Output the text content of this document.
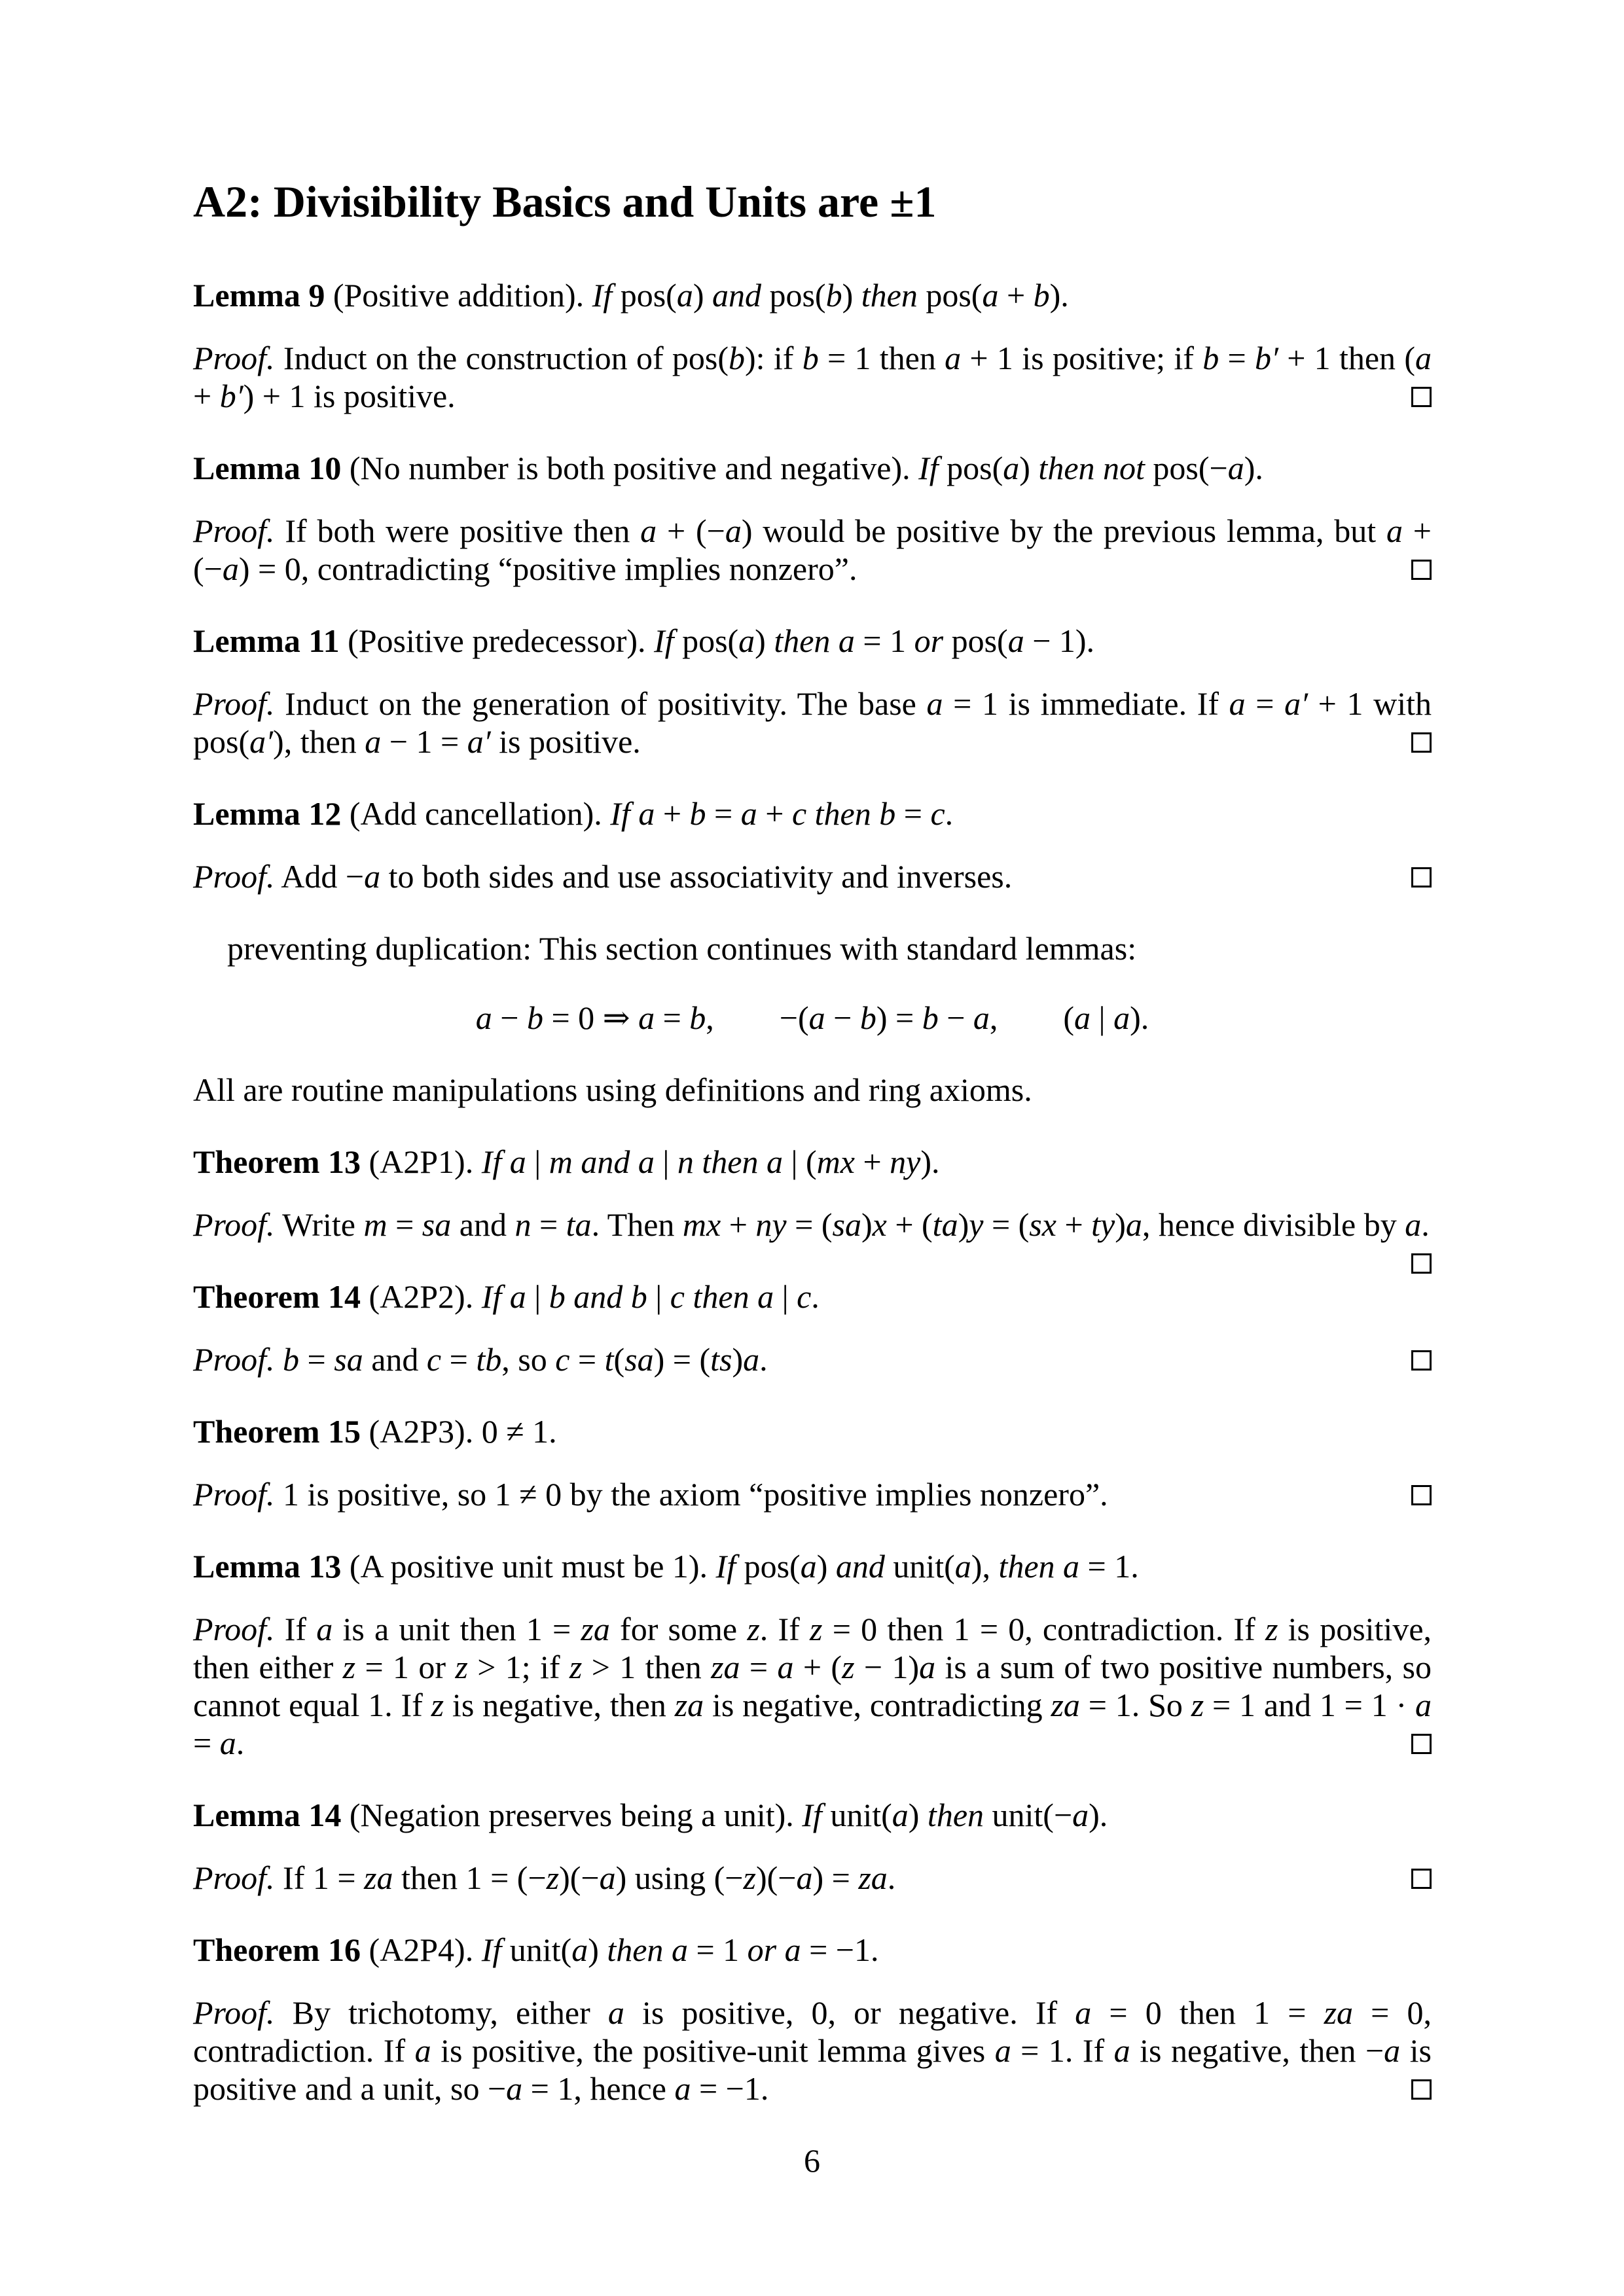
A2: Divisibility Basics and Units are ±1

Lemma 9 (Positive addition). If pos(a) and pos(b) then pos(a + b).

Proof. Induct on the construction of pos(b): if b = 1 then a + 1 is positive; if b = b′ + 1 then (a + b′) + 1 is positive.

Lemma 10 (No number is both positive and negative). If pos(a) then not pos(−a).

Proof. If both were positive then a + (−a) would be positive by the previous lemma, but a + (−a) = 0, contradicting “positive implies nonzero”.

Lemma 11 (Positive predecessor). If pos(a) then a = 1 or pos(a − 1).

Proof. Induct on the generation of positivity. The base a = 1 is immediate. If a = a′ + 1 with pos(a′), then a − 1 = a′ is positive.

Lemma 12 (Add cancellation). If a + b = a + c then b = c.

Proof. Add −a to both sides and use associativity and inverses.

preventing duplication: This section continues with standard lemmas:

a − b = 0 ⇒ a = b,  −(a − b) = b − a,  (a | a).

All are routine manipulations using definitions and ring axioms.

Theorem 13 (A2P1). If a | m and a | n then a | (mx + ny).

Proof. Write m = sa and n = ta. Then mx + ny = (sa)x + (ta)y = (sx + ty)a, hence divisible by a.

Theorem 14 (A2P2). If a | b and b | c then a | c.

Proof. b = sa and c = tb, so c = t(sa) = (ts)a.

Theorem 15 (A2P3). 0 ≠ 1.

Proof. 1 is positive, so 1 ≠ 0 by the axiom “positive implies nonzero”.

Lemma 13 (A positive unit must be 1). If pos(a) and unit(a), then a = 1.

Proof. If a is a unit then 1 = za for some z. If z = 0 then 1 = 0, contradiction. If z is positive, then either z = 1 or z > 1; if z > 1 then za = a + (z − 1)a is a sum of two positive numbers, so cannot equal 1. If z is negative, then za is negative, contradicting za = 1. So z = 1 and 1 = 1 · a = a.

Lemma 14 (Negation preserves being a unit). If unit(a) then unit(−a).

Proof. If 1 = za then 1 = (−z)(−a) using (−z)(−a) = za.

Theorem 16 (A2P4). If unit(a) then a = 1 or a = −1.

Proof. By trichotomy, either a is positive, 0, or negative. If a = 0 then 1 = za = 0, contradiction. If a is positive, the positive-unit lemma gives a = 1. If a is negative, then −a is positive and a unit, so −a = 1, hence a = −1.

6
